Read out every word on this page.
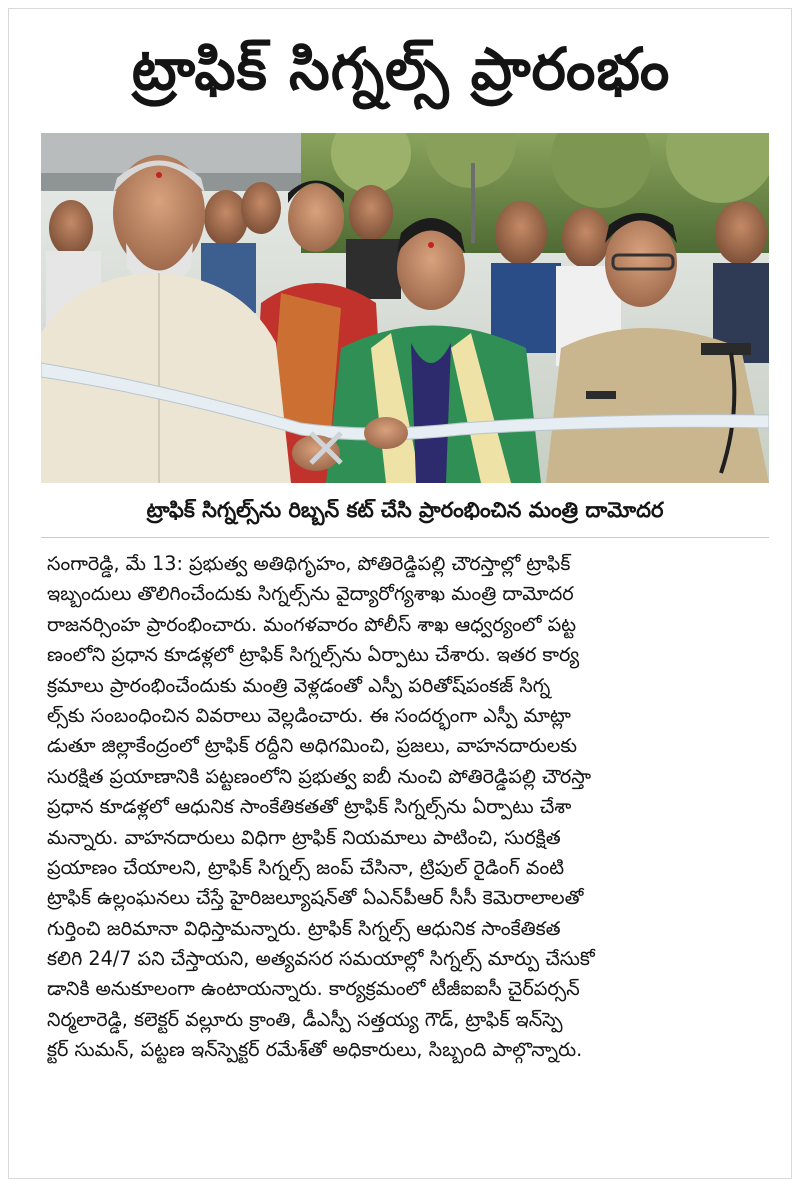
ట్రాఫిక్ సిగ్నల్స్ ప్రారంభం
ట్రాఫిక్ సిగ్నల్స్‌ను రిబ్బన్ కట్ చేసి ప్రారంభించిన మంత్రి దామోదర
సంగారెడ్డి, మే 13: ప్రభుత్వ అతిథిగృహం, పోతిరెడ్డిపల్లి చౌరస్తాల్లో ట్రాఫిక్
ఇబ్బందులు తొలిగించేందుకు సిగ్నల్స్‌ను వైద్యారోగ్యశాఖ మంత్రి దామోదర
రాజనర్సింహ ప్రారంభించారు. మంగళవారం పోలీస్ శాఖ ఆధ్వర్యంలో పట్ట
ణంలోని ప్రధాన కూడళ్లలో ట్రాఫిక్ సిగ్నల్స్‌ను ఏర్పాటు చేశారు. ఇతర కార్య
క్రమాలు ప్రారంభించేందుకు మంత్రి వెళ్లడంతో ఎస్పీ పరితోష్‌పంకజ్ సిగ్న
ల్స్‌కు సంబంధించిన వివరాలు వెల్లడించారు. ఈ సందర్భంగా ఎస్పీ మాట్లా
డుతూ జిల్లాకేంద్రంలో ట్రాఫిక్ రద్దీని అధిగమించి, ప్రజలు, వాహనదారులకు
సురక్షిత ప్రయాణానికి పట్టణంలోని ప్రభుత్వ ఐబీ నుంచి పోతిరెడ్డిపల్లి చౌరస్తా
ప్రధాన కూడళ్లలో ఆధునిక సాంకేతికతతో ట్రాఫిక్ సిగ్నల్స్‌ను ఏర్పాటు చేశా
మన్నారు. వాహనదారులు విధిగా ట్రాఫిక్ నియమాలు పాటించి, సురక్షిత
ప్రయాణం చేయాలని, ట్రాఫిక్ సిగ్నల్స్ జంప్ చేసినా, ట్రిపుల్ రైడింగ్ వంటి
ట్రాఫిక్ ఉల్లంఘనలు చేస్తే హైరిజల్యూషన్‌తో ఏఎన్‌పీఆర్ సీసీ కెమెరాలాలతో
గుర్తించి జరిమానా విధిస్తామన్నారు. ట్రాఫిక్ సిగ్నల్స్ ఆధునిక సాంకేతికత
కలిగి 24/7 పని చేస్తాయని, అత్యవసర సమయాల్లో సిగ్నల్స్ మార్పు చేసుకో
డానికి అనుకూలంగా ఉంటాయన్నారు. కార్యక్రమంలో టీజీఐఐసీ చైర్‌పర్సన్
నిర్మలారెడ్డి, కలెక్టర్ వల్లూరు క్రాంతి, డీఎస్పీ సత్తయ్య గౌడ్, ట్రాఫిక్ ఇన్‌స్పె
క్టర్ సుమన్, పట్టణ ఇన్‌స్పెక్టర్ రమేశ్‌తో అధికారులు, సిబ్బంది పాల్గొన్నారు.
